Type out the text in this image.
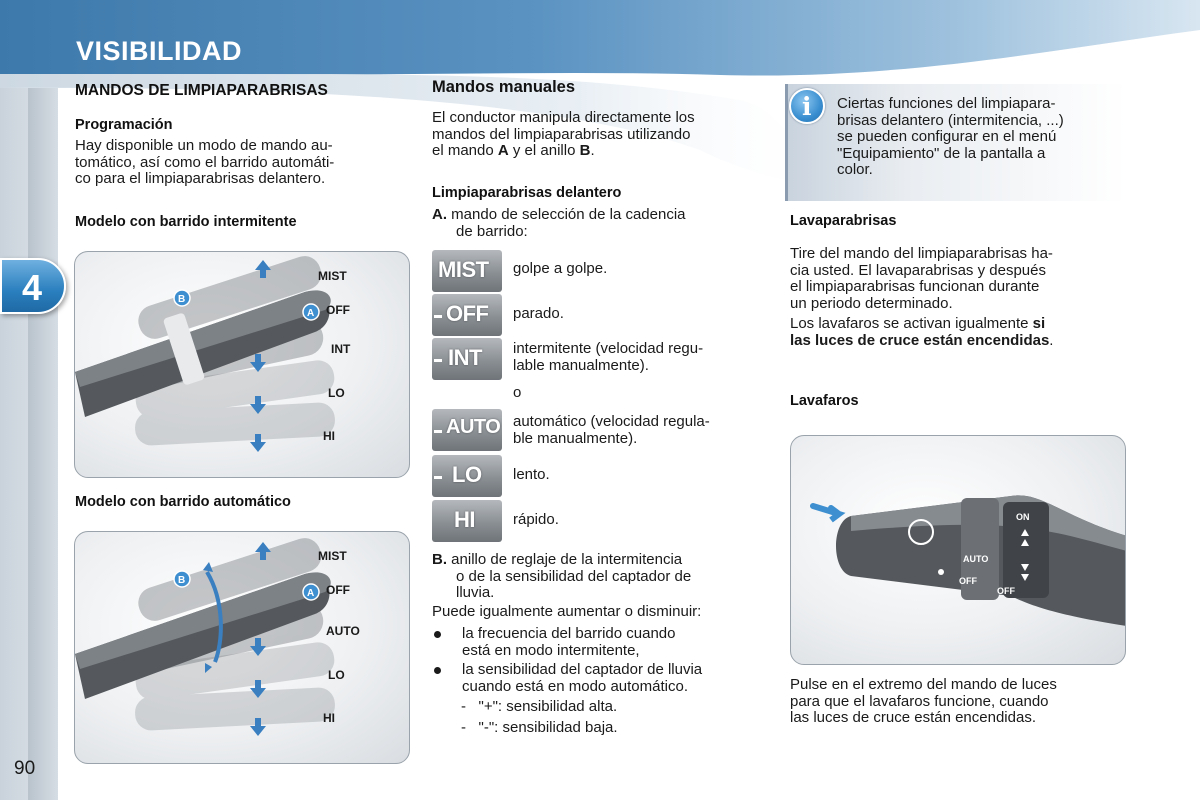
VISIBILIDAD
4
90
MANDOS DE LIMPIAPARABRISAS
Programación
Hay disponible un modo de mando au-
tomático, así como el barrido automáti-
co para el limpiaparabrisas delantero.
Modelo con barrido intermitente
Modelo con barrido automático
B
A
MIST
OFF
INT
LO
HI
B
A
MIST
OFF
AUTO
LO
HI
Mandos manuales
El conductor manipula directamente los
mandos del limpiaparabrisas utilizando
el mando A y el anillo B.
Limpiaparabrisas delantero
A. mando de selección de la cadencia
de barrido:
MIST golpe a golpe.
OFF parado.
INT intermitente (velocidad regu-
lable manualmente).
o
AUTO automático (velocidad regula-
ble manualmente).
LO lento.
HI	rápido.
B. anillo de reglaje de la intermitencia
o de la sensibilidad del captador de
lluvia.
Puede igualmente aumentar o disminuir:
la frecuencia del barrido cuando
está en modo intermitente,
la sensibilidad del captador de lluvia
cuando está en modo automático.
-   "+": sensibilidad alta.
-   "-": sensibilidad baja.
i Ciertas funciones del limpiapara-
brisas delantero (intermitencia, ...)
se pueden configurar en el menú
"Equipamiento" de la pantalla a
color.
Lavaparabrisas
Tire del mando del limpiaparabrisas ha-
cia usted. El lavaparabrisas y después
el limpiaparabrisas funcionan durante
un periodo determinado.
Los lavafaros se activan igualmente si
las luces de cruce están encendidas.
Lavafaros
ON
AUTO
OFF
OFF
Pulse en el extremo del mando de luces
para que el lavafaros funcione, cuando
las luces de cruce están encendidas.
